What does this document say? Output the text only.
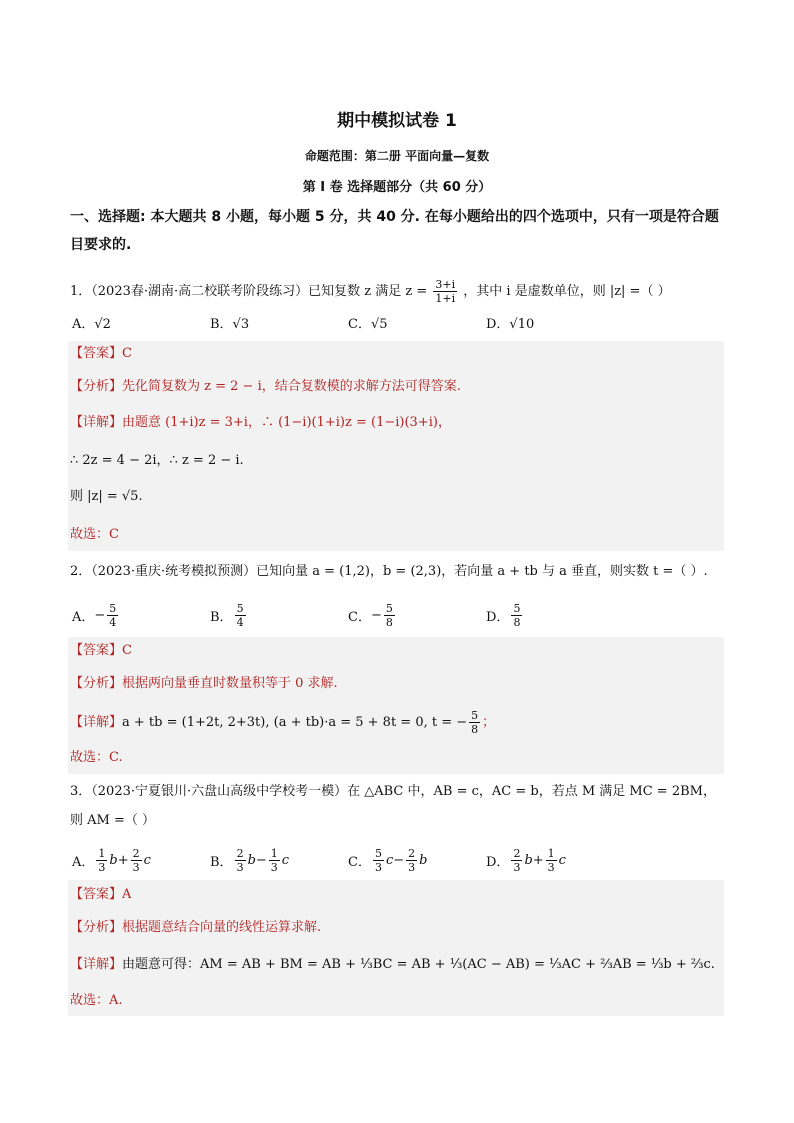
期中模拟试卷 1
命题范围：第二册 平面向量—复数
第 I 卷 选择题部分（共 60 分）
一、选择题: 本大题共 8 小题，每小题 5 分，共 40 分. 在每小题给出的四个选项中，只有一项是符合题目要求的.
1．（2023春·湖南·高二校联考阶段练习）已知复数 z 满足 $z = \frac{3+i}{1+i}$ ，其中 i 是虚数单位，则 |z| =（ ）
A．√2	B．√3	C．√5	D．√10
【答案】C
【分析】先化简复数为 z = 2 − i，结合复数模的求解方法可得答案.
【详解】由题意 (1+i)z = 3+i，∴ (1−i)(1+i)z = (1−i)(3+i)，
∴ 2z = 4 − 2i，∴ z = 2 − i.
则 |z| = √5.
故选：C
2．（2023·重庆·统考模拟预测）已知向量 a = (1,2)，b = (2,3)，若向量 a + tb 与 a 垂直，则实数 t =（ ）.
A． − $\frac{5}{4}$	B． $\frac{5}{4}$	C． − $\frac{5}{8}$	D． $\frac{5}{8}$
【答案】C
【分析】根据两向量垂直时数量积等于 0 求解.
【详解】a + tb = (1+2t, 2+3t), (a + tb)·a = 5 + 8t = 0, t = − $\frac{5}{8}$ ；
故选：C.
3．（2023·宁夏银川·六盘山高级中学校考一模）在 △ABC 中，AB = c，AC = b，若点 M 满足 MC = 2BM，
则 AM =（ ）
A． $\frac{1}{3}$ $b + \frac{2}{3}$ c	B． $\frac{2}{3}$ $b - \frac{1}{3}$ c	C． $\frac{5}{3}$ $c - \frac{2}{3}$ b	D． $\frac{2}{3}$ $b + \frac{1}{3}$ c
【答案】A
【分析】根据题意结合向量的线性运算求解.
【详解】由题意可得：AM = AB + BM = AB + ⅓BC = AB + ⅓(AC − AB) = ⅓AC + ⅔AB = ⅓b + ⅔c.
故选：A.
